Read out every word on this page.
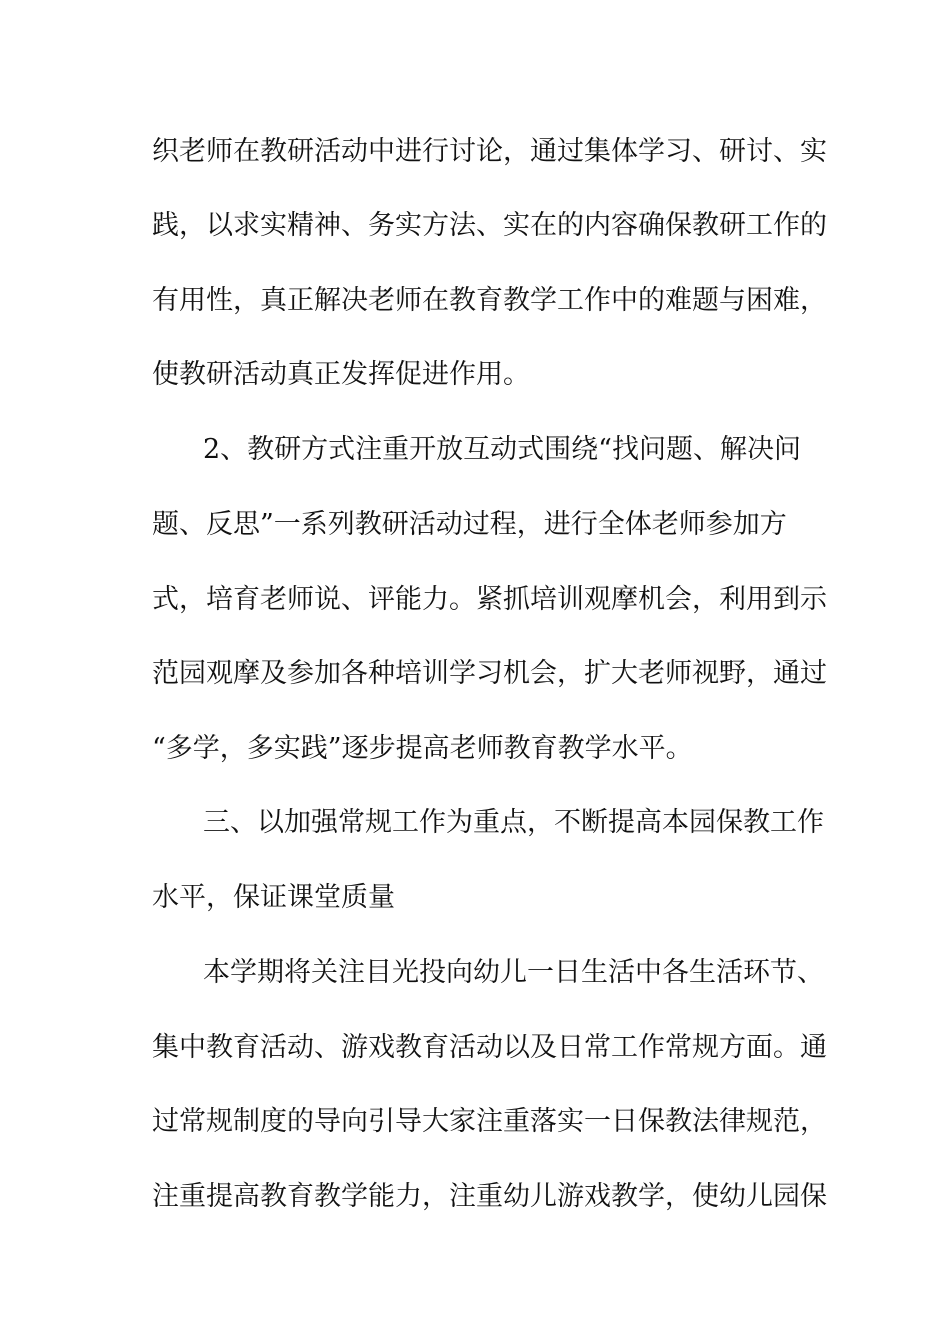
织老师在教研活动中进行讨论，通过集体学习、研讨、实
践，以求实精神、务实方法、实在的内容确保教研工作的
有用性，真正解决老师在教育教学工作中的难题与困难，
使教研活动真正发挥促进作用。
2、教研方式注重开放互动式围绕“找问题、解决问
题、反思”一系列教研活动过程，进行全体老师参加方
式，培育老师说、评能力。紧抓培训观摩机会，利用到示
范园观摩及参加各种培训学习机会，扩大老师视野，通过
“多学，多实践”逐步提高老师教育教学水平。
三、以加强常规工作为重点，不断提高本园保教工作
水平，保证课堂质量
本学期将关注目光投向幼儿一日生活中各生活环节、
集中教育活动、游戏教育活动以及日常工作常规方面。通
过常规制度的导向引导大家注重落实一日保教法律规范，
注重提高教育教学能力，注重幼儿游戏教学，使幼儿园保
